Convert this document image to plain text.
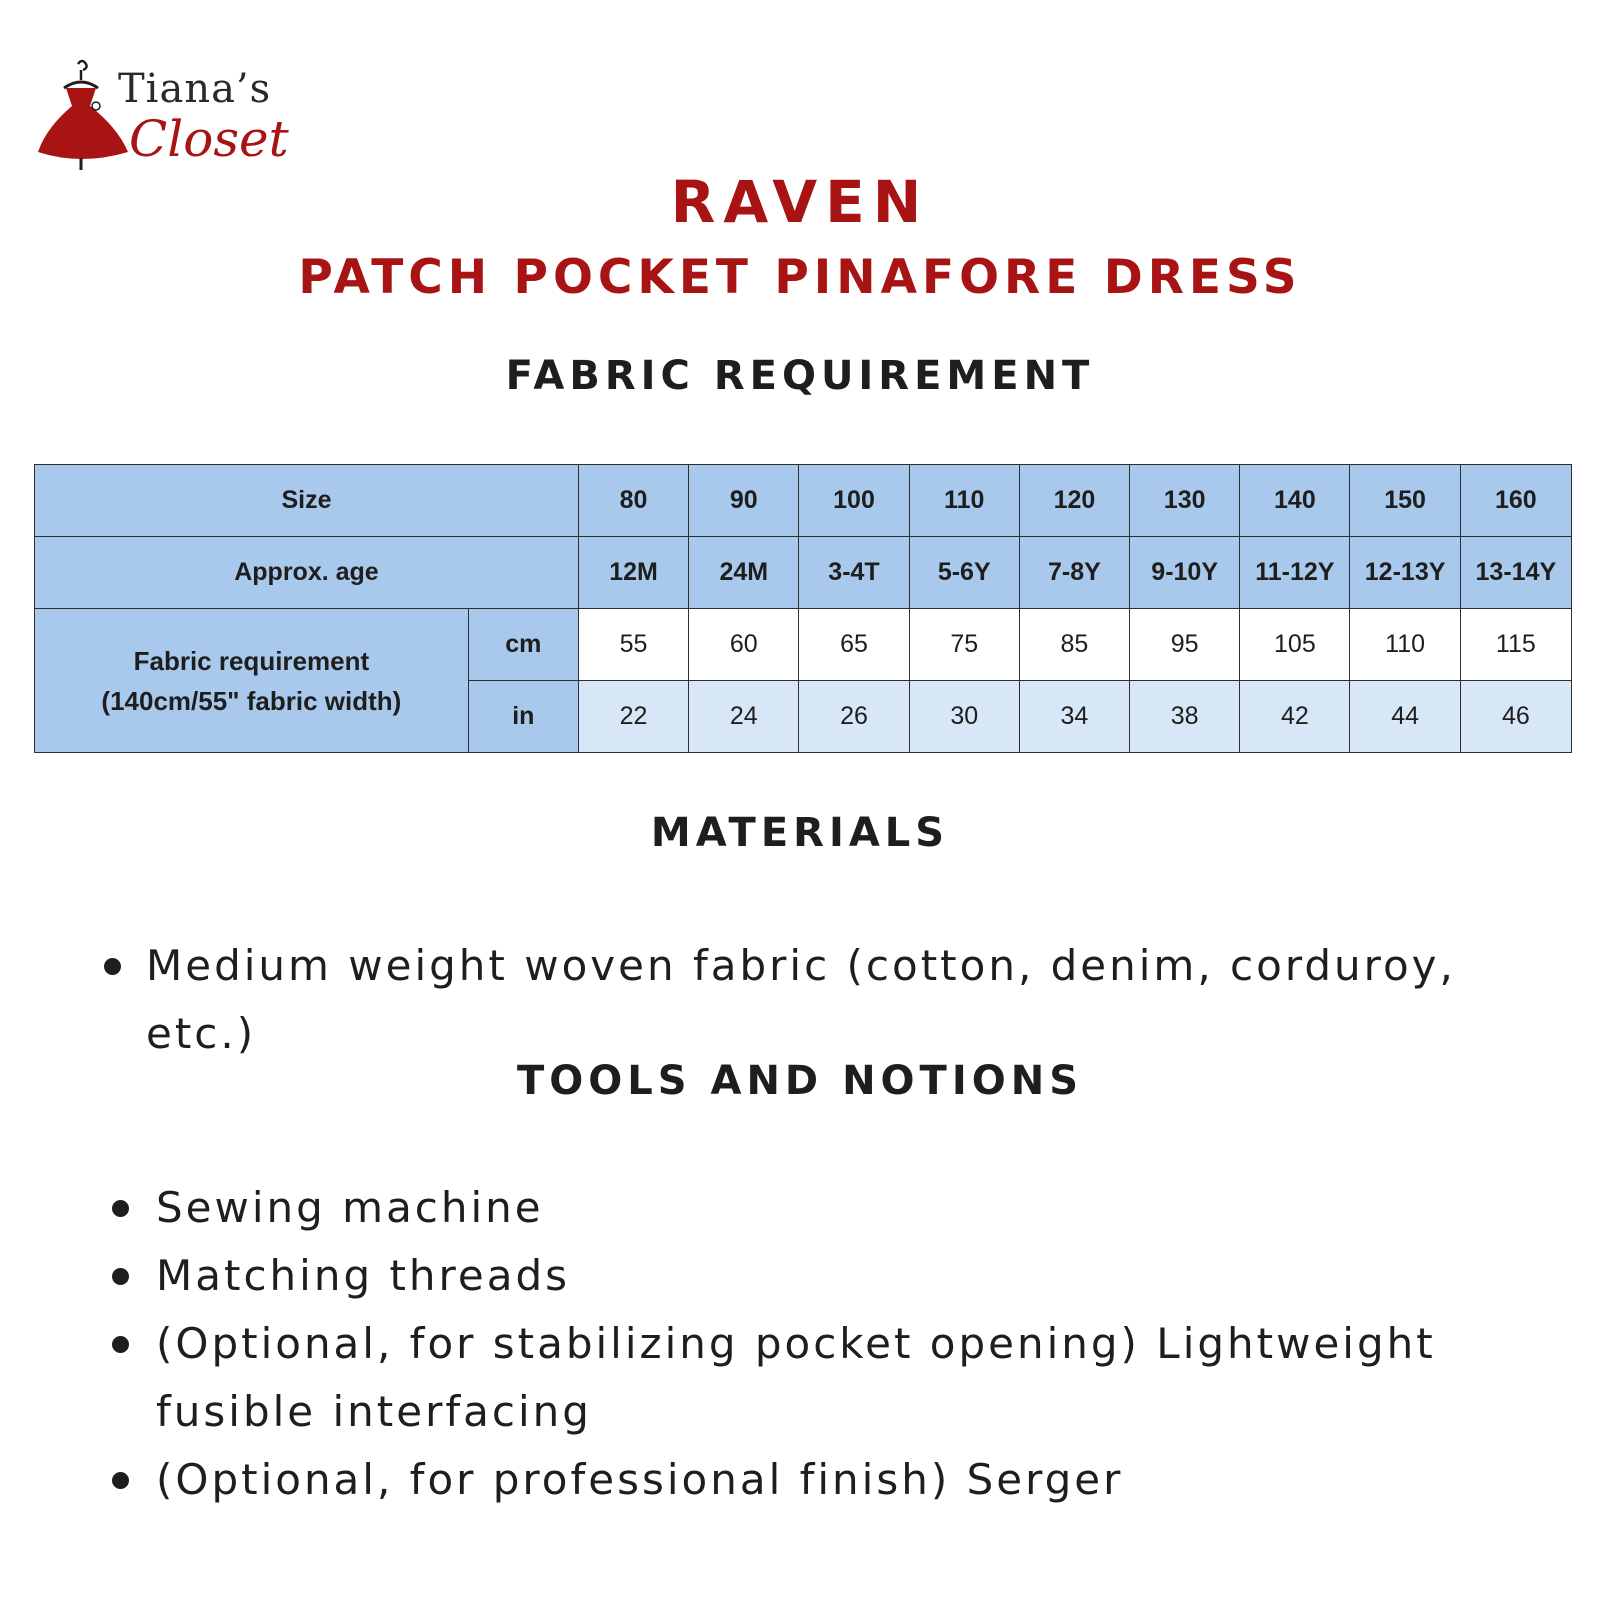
Tiana’s
Closet
RAVEN
PATCH POCKET PINAFORE DRESS
FABRIC REQUIREMENT
Size		80	90	100	110	120	130	140	150	160
Approx. age		12M	24M	3-4T	5-6Y	7-8Y	9-10Y	11-12Y	12-13Y	13-14Y

Fabric requirement
(140cm/55" fabric width)	cm	55	60	65	75	85	95	105	110	115
	in	22	24	26	30	34	38	42	44	46
MATERIALS
Medium weight woven fabric (cotton, denim, corduroy, etc.)
TOOLS AND NOTIONS
Sewing machine
Matching threads
(Optional, for stabilizing pocket opening) Lightweight fusible interfacing
(Optional, for professional finish) Serger
